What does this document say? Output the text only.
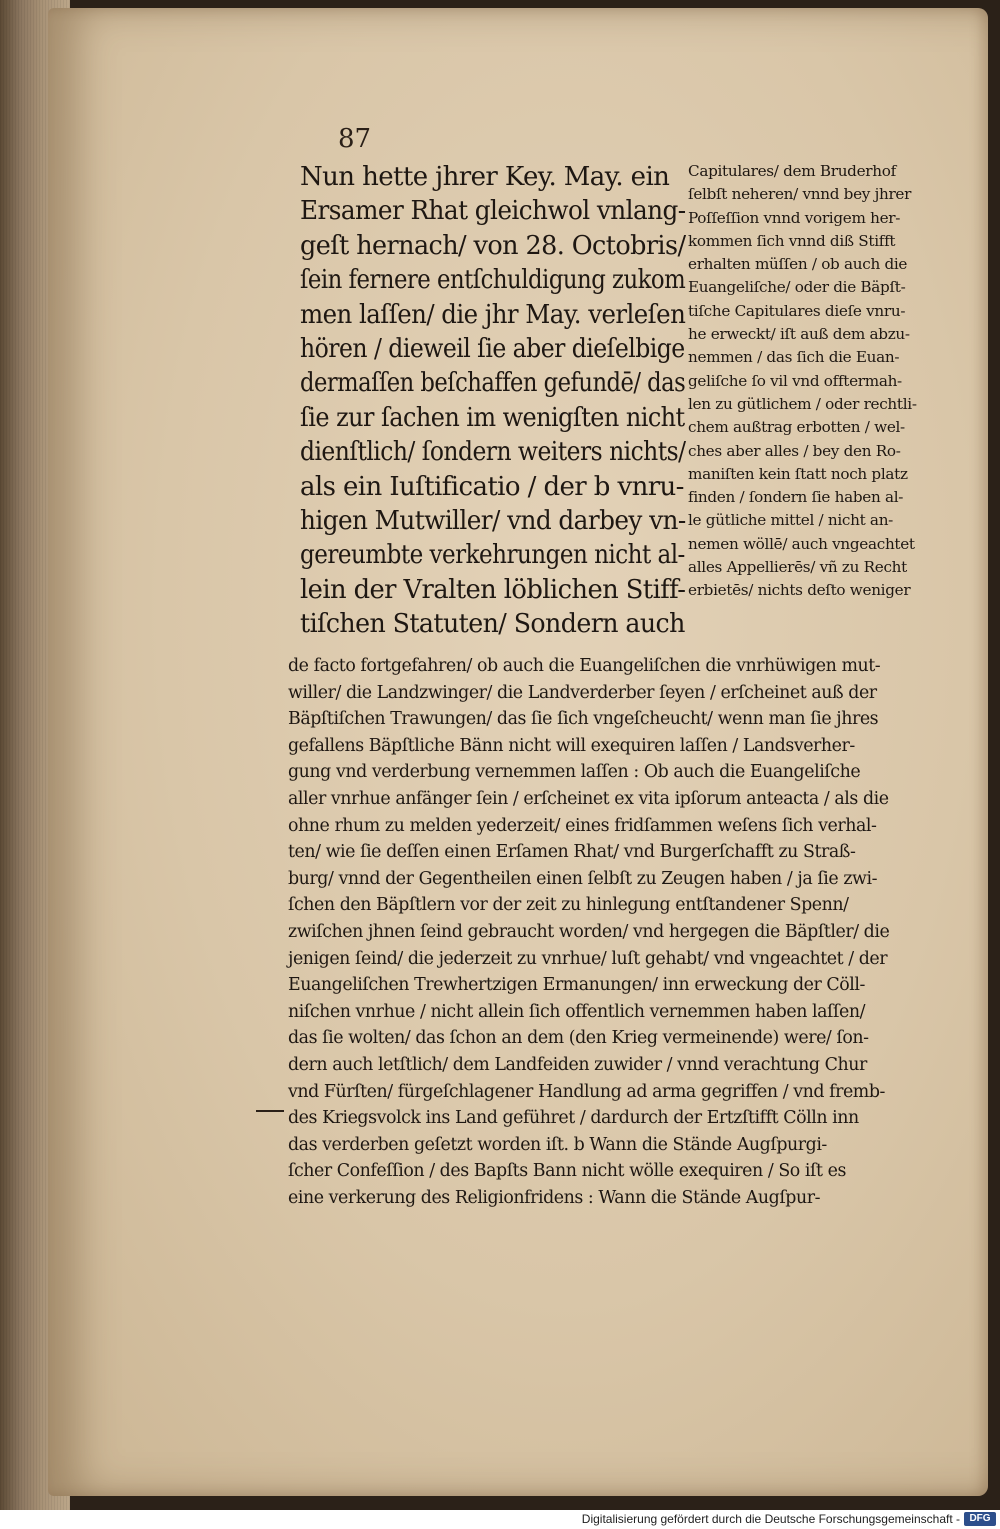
87
Nun hette jhrer Key. May. ein
Ersamer Rhat gleichwol vnlang-
geſt hernach/ von 28. Octobris/
ſein fernere entſchuldigung zukom
men laſſen/ die jhr May. verleſen
hören / dieweil ſie aber dieſelbige
dermaſſen beſchaffen gefundē/ das
ſie zur ſachen im wenigſten nicht
dienſtlich/ ſondern weiters nichts/
als ein Iuſtificatio / der b vnru-
higen Mutwiller/ vnd darbey vn-
gereumbte verkehrungen nicht al-
lein der Vralten löblichen Stiff-
tiſchen Statuten/ Sondern auch
Capitulares/ dem Bruderhof
ſelbſt neheren/ vnnd bey jhrer
Poſſeſſion vnnd vorigem her-
kommen ſich vnnd diß Stifft
erhalten müſſen / ob auch die
Euangeliſche/ oder die Bäpſt-
tiſche Capitulares dieſe vnru-
he erweckt/ iſt auß dem abzu-
nemmen / das ſich die Euan-
geliſche ſo vil vnd offtermah-
len zu gütlichem / oder rechtli-
chem außtrag erbotten / wel-
ches aber alles / bey den Ro-
maniſten kein ſtatt noch platz
finden / ſondern ſie haben al-
le gütliche mittel / nicht an-
nemen wöllē/ auch vngeachtet
alles Appellierēs/ vñ zu Recht
erbietēs/ nichts deſto weniger
de facto fortgefahren/ ob auch die Euangeliſchen die vnrhüwigen mut-
willer/ die Landzwinger/ die Landverderber ſeyen / erſcheinet auß der
Bäpſtiſchen Trawungen/ das ſie ſich vngeſcheucht/ wenn man ſie jhres
gefallens Bäpſtliche Bänn nicht will exequiren laſſen / Landsverher-
gung vnd verderbung vernemmen laſſen : Ob auch die Euangeliſche
aller vnrhue anfänger ſein / erſcheinet ex vita ipſorum anteacta / als die
ohne rhum zu melden yederzeit/ eines fridſammen weſens ſich verhal-
ten/ wie ſie deſſen einen Erſamen Rhat/ vnd Burgerſchafft zu Straß-
burg/ vnnd der Gegentheilen einen ſelbſt zu Zeugen haben / ja ſie zwi-
ſchen den Bäpſtlern vor der zeit zu hinlegung entſtandener Spenn/
zwiſchen jhnen ſeind gebraucht worden/ vnd hergegen die Bäpſtler/ die
jenigen ſeind/ die jederzeit zu vnrhue/ luſt gehabt/ vnd vngeachtet / der
Euangeliſchen Trewhertzigen Ermanungen/ inn erweckung der Cöll-
niſchen vnrhue / nicht allein ſich offentlich vernemmen haben laſſen/
das ſie wolten/ das ſchon an dem (den Krieg vermeinende) were/ ſon-
dern auch letſtlich/ dem Landfeiden zuwider / vnnd verachtung Chur
vnd Fürſten/ fürgeſchlagener Handlung ad arma gegriffen / vnd fremb-
des Kriegsvolck ins Land geführet / dardurch der Ertzſtifft Cölln inn
das verderben geſetzt worden iſt. b Wann die Stände Augſpurgi-
ſcher Confeſſion / des Bapſts Bann nicht wölle exequiren / So iſt es
eine verkerung des Religionfridens : Wann die Stände Augſpur-
Digitalisierung gefördert durch die Deutsche Forschungsgemeinschaft - DFG
